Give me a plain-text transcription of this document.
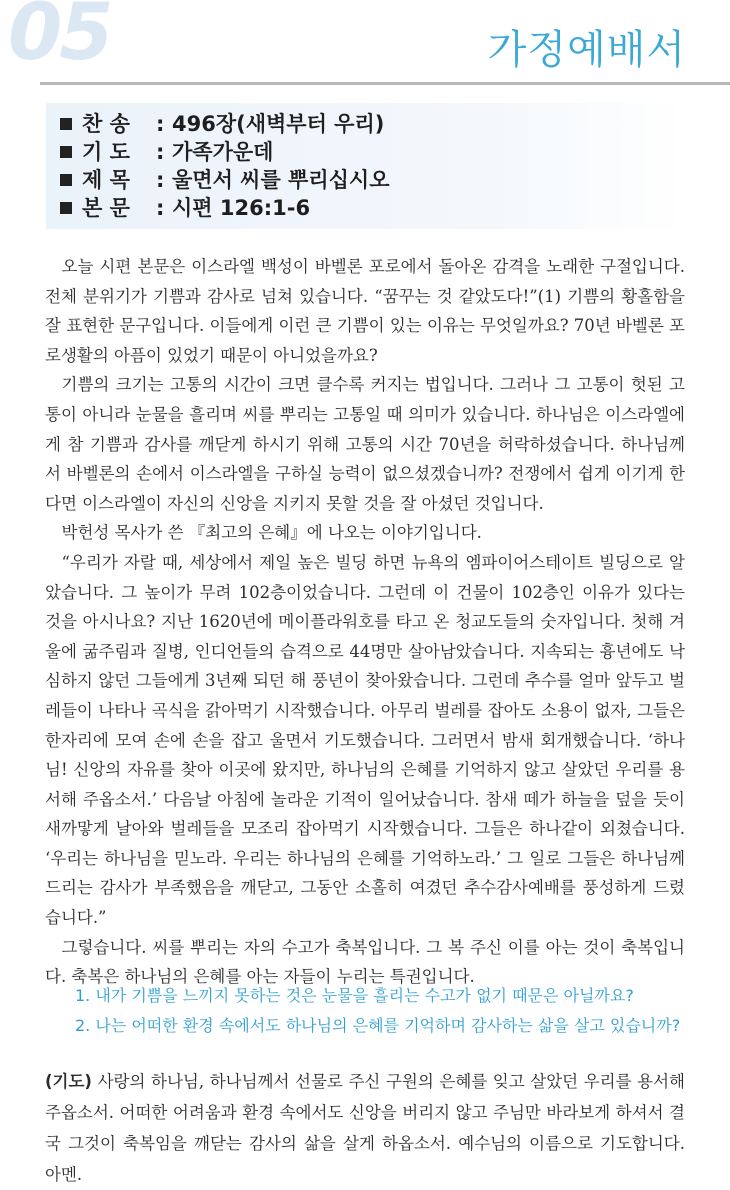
05	가정예배서
찬 송	: 496장(새벽부터 우리)
기 도	: 가족가운데
제 목	: 울면서 씨를 뿌리십시오
본 문	: 시편 126:1-6

오늘 시편 본문은 이스라엘 백성이 바벨론 포로에서 돌아온 감격을 노래한 구절입니다. 전체 분위기가 기쁨과 감사로 넘쳐 있습니다. “꿈꾸는 것 같았도다!”(1) 기쁨의 황홀함을 잘 표현한 문구입니다. 이들에게 이런 큰 기쁨이 있는 이유는 무엇일까요? 70년 바벨론 포로생활의 아픔이 있었기 때문이 아니었을까요?

기쁨의 크기는 고통의 시간이 크면 클수록 커지는 법입니다. 그러나 그 고통이 헛된 고통이 아니라 눈물을 흘리며 씨를 뿌리는 고통일 때 의미가 있습니다. 하나님은 이스라엘에게 참 기쁨과 감사를 깨닫게 하시기 위해 고통의 시간 70년을 허락하셨습니다. 하나님께서 바벨론의 손에서 이스라엘을 구하실 능력이 없으셨겠습니까? 전쟁에서 쉽게 이기게 한다면 이스라엘이 자신의 신앙을 지키지 못할 것을 잘 아셨던 것입니다.

박헌성 목사가 쓴 『최고의 은혜』에 나오는 이야기입니다.

“우리가 자랄 때, 세상에서 제일 높은 빌딩 하면 뉴욕의 엠파이어스테이트 빌딩으로 알았습니다. 그 높이가 무려 102층이었습니다. 그런데 이 건물이 102층인 이유가 있다는 것을 아시나요? 지난 1620년에 메이플라워호를 타고 온 청교도들의 숫자입니다. 첫해 겨울에 굶주림과 질병, 인디언들의 습격으로 44명만 살아남았습니다. 지속되는 흉년에도 낙심하지 않던 그들에게 3년째 되던 해 풍년이 찾아왔습니다. 그런데 추수를 얼마 앞두고 벌레들이 나타나 곡식을 갉아먹기 시작했습니다. 아무리 벌레를 잡아도 소용이 없자, 그들은 한자리에 모여 손에 손을 잡고 울면서 기도했습니다. 그러면서 밤새 회개했습니다. ‘하나님! 신앙의 자유를 찾아 이곳에 왔지만, 하나님의 은혜를 기억하지 않고 살았던 우리를 용서해 주옵소서.’ 다음날 아침에 놀라운 기적이 일어났습니다. 참새 떼가 하늘을 덮을 듯이 새까맣게 날아와 벌레들을 모조리 잡아먹기 시작했습니다. 그들은 하나같이 외쳤습니다. ‘우리는 하나님을 믿노라. 우리는 하나님의 은혜를 기억하노라.’ 그 일로 그들은 하나님께 드리는 감사가 부족했음을 깨닫고, 그동안 소홀히 여겼던 추수감사예배를 풍성하게 드렸습니다.”

그렇습니다. 씨를 뿌리는 자의 수고가 축복입니다. 그 복 주신 이를 아는 것이 축복입니다. 축복은 하나님의 은혜를 아는 자들이 누리는 특권입니다.

1. 내가 기쁨을 느끼지 못하는 것은 눈물을 흘리는 수고가 없기 때문은 아닐까요?
2. 나는 어떠한 환경 속에서도 하나님의 은혜를 기억하며 감사하는 삶을 살고 있습니까?
(기도) 사랑의 하나님, 하나님께서 선물로 주신 구원의 은혜를 잊고 살았던 우리를 용서해 주옵소서. 어떠한 어려움과 환경 속에서도 신앙을 버리지 않고 주님만 바라보게 하셔서 결국 그것이 축복임을 깨닫는 감사의 삶을 살게 하옵소서. 예수님의 이름으로 기도합니다. 아멘.
